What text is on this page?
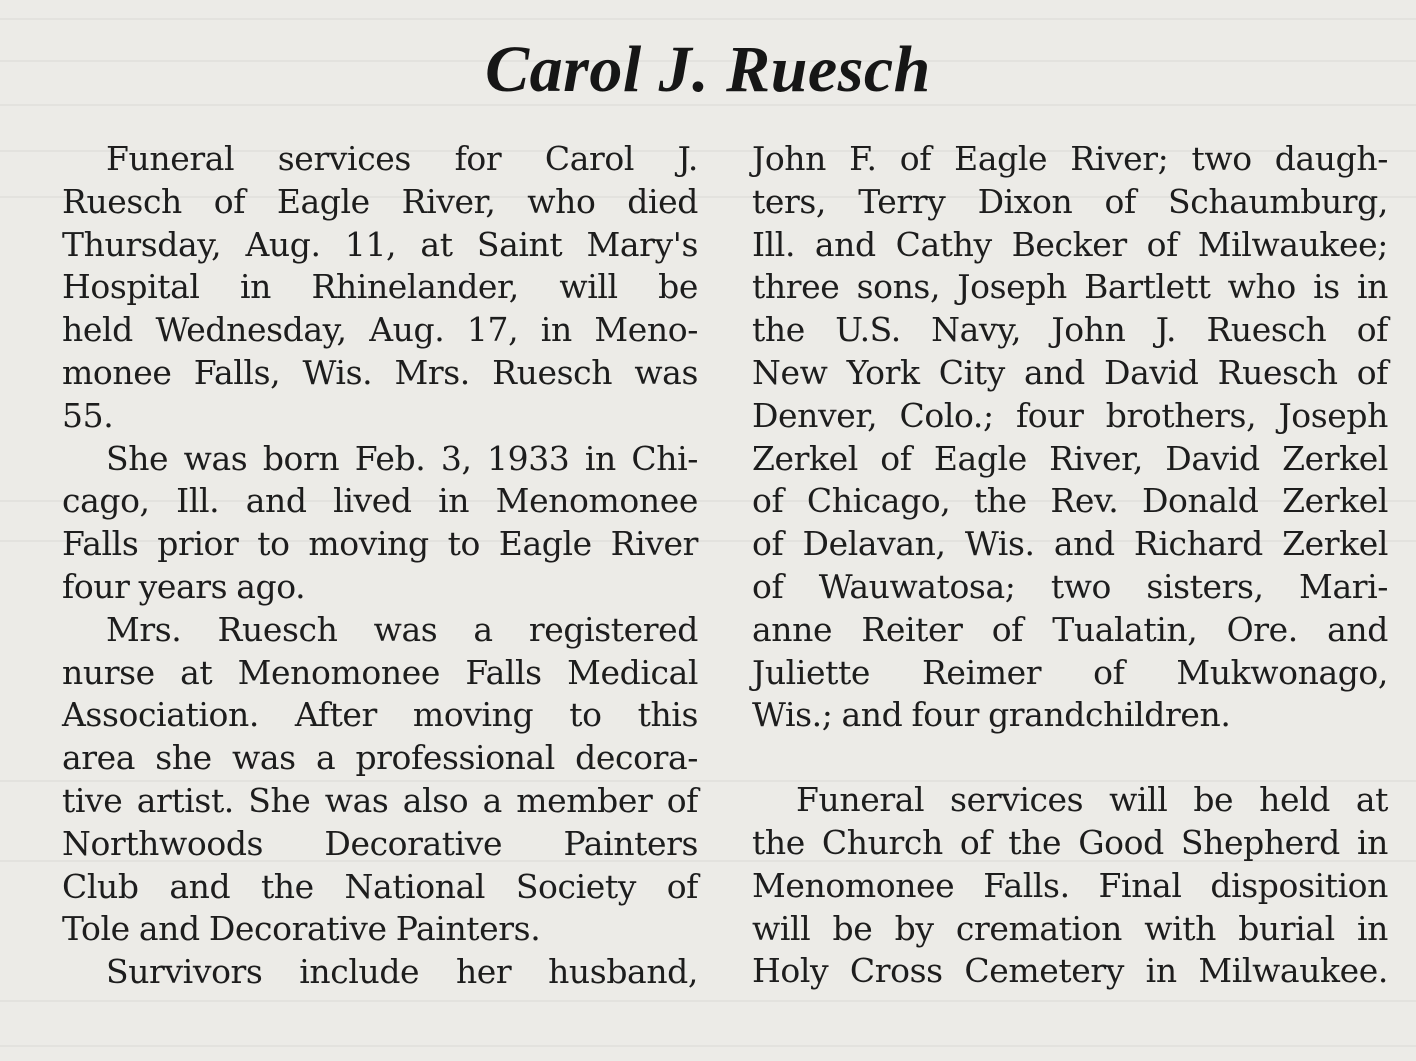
Carol J. Ruesch
Funeral services for Carol J.
Ruesch of Eagle River, who died
Thursday, Aug. 11, at Saint Mary's
Hospital in Rhinelander, will be
held Wednesday, Aug. 17, in Meno-
monee Falls, Wis. Mrs. Ruesch was
55.
She was born Feb. 3, 1933 in Chi-
cago, Ill. and lived in Menomonee
Falls prior to moving to Eagle River
four years ago.
Mrs. Ruesch was a registered
nurse at Menomonee Falls Medical
Association. After moving to this
area she was a professional decora-
tive artist. She was also a member of
Northwoods Decorative Painters
Club and the National Society of
Tole and Decorative Painters.
Survivors include her husband,
John F. of Eagle River; two daugh-
ters, Terry Dixon of Schaumburg,
Ill. and Cathy Becker of Milwaukee;
three sons, Joseph Bartlett who is in
the U.S. Navy, John J. Ruesch of
New York City and David Ruesch of
Denver, Colo.; four brothers, Joseph
Zerkel of Eagle River, David Zerkel
of Chicago, the Rev. Donald Zerkel
of Delavan, Wis. and Richard Zerkel
of Wauwatosa; two sisters, Mari-
anne Reiter of Tualatin, Ore. and
Juliette Reimer of Mukwonago,
Wis.; and four grandchildren.
Funeral services will be held at
the Church of the Good Shepherd in
Menomonee Falls. Final disposition
will be by cremation with burial in
Holy Cross Cemetery in Milwaukee.
